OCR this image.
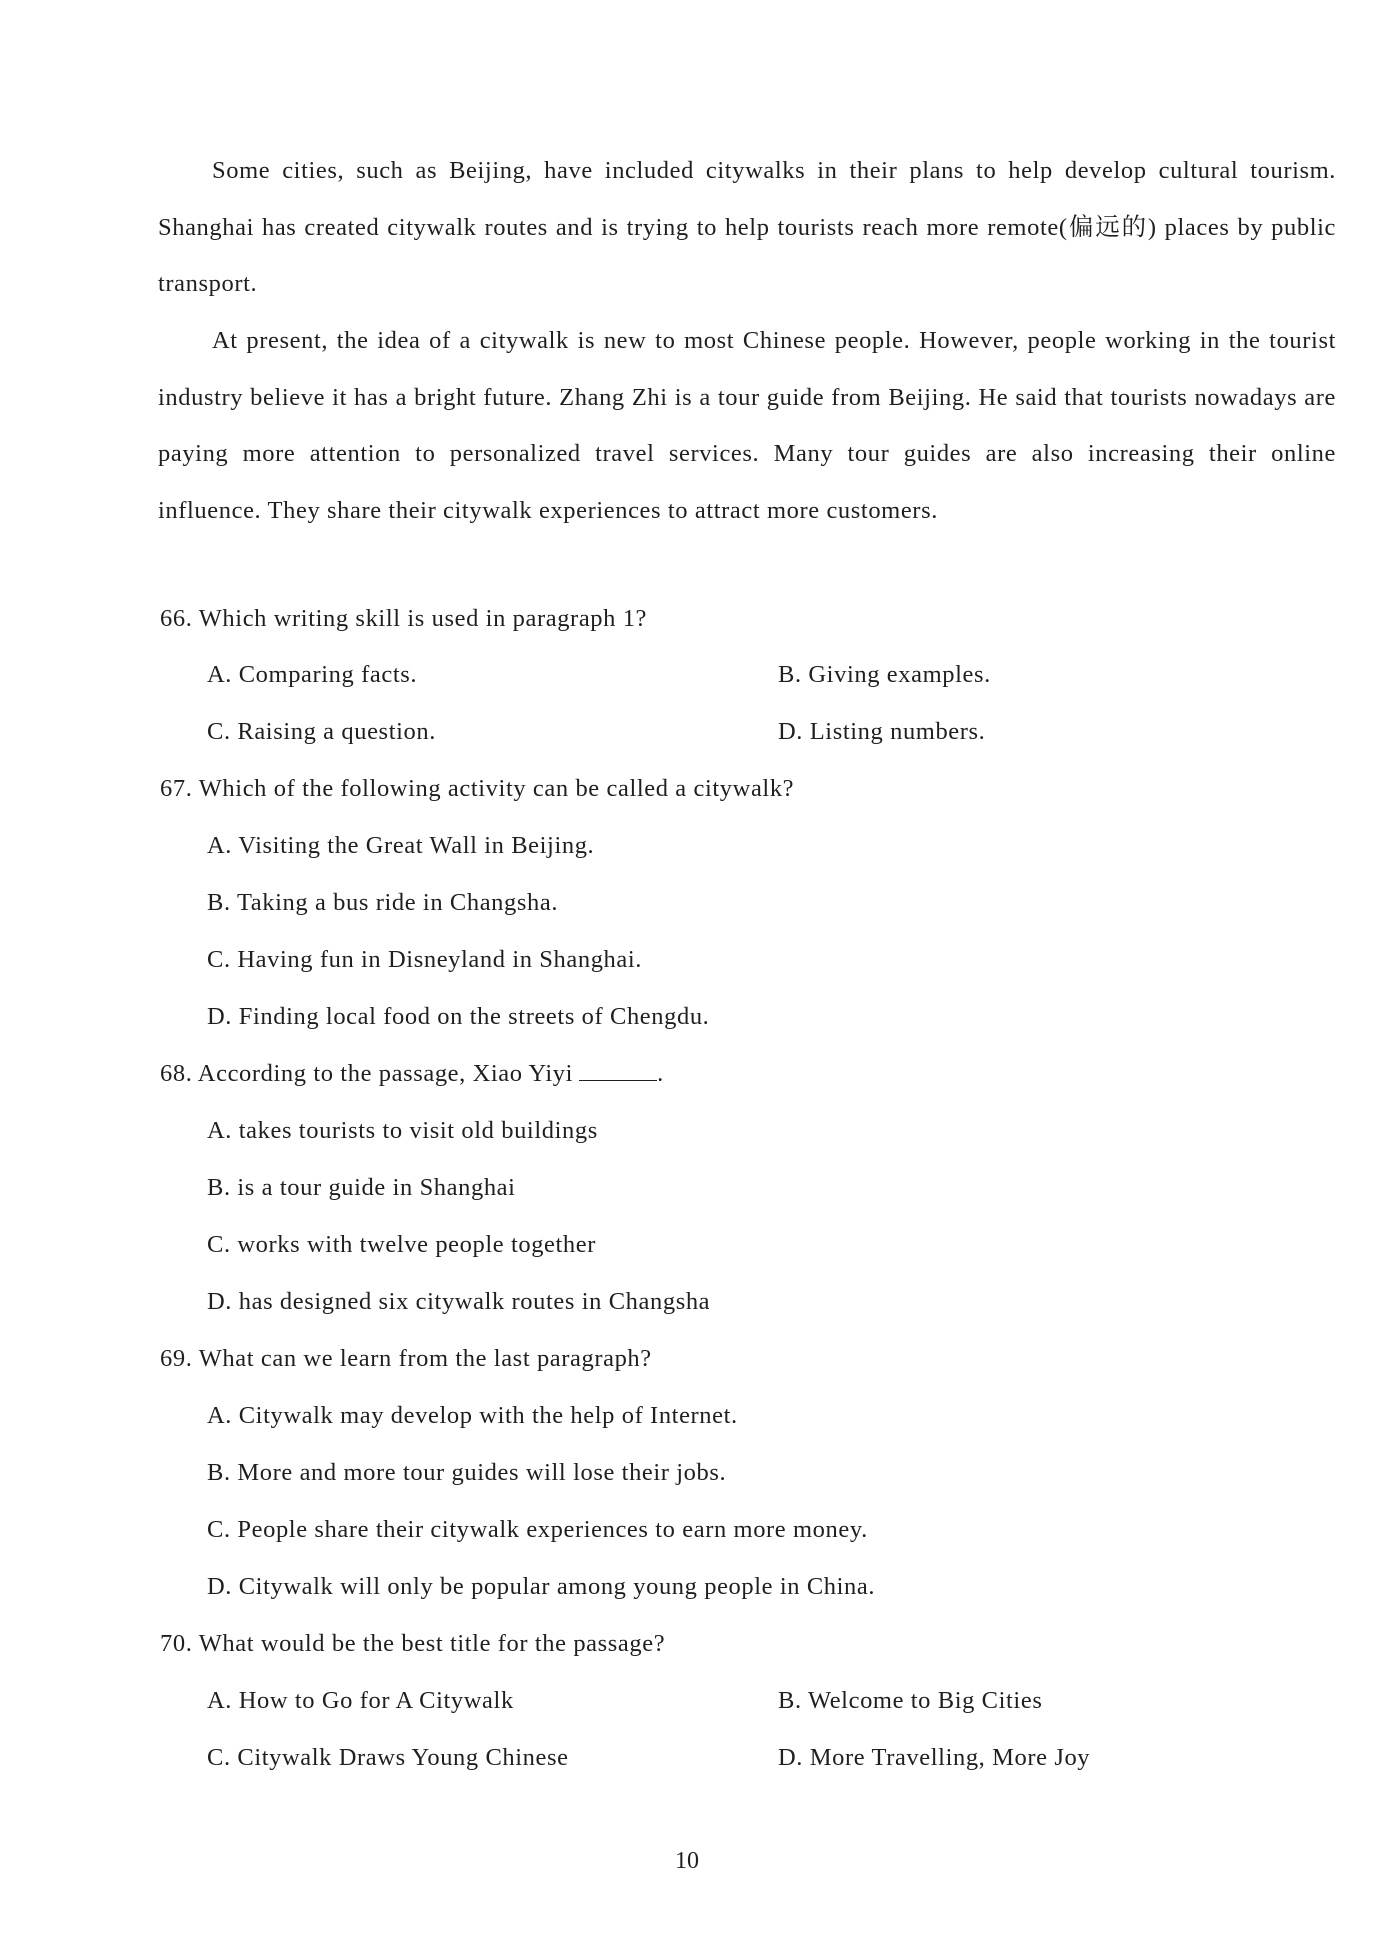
Some cities, such as Beijing, have included citywalks in their plans to help develop cultural tourism. Shanghai has created citywalk routes and is trying to help tourists reach more remote(偏远的) places by public transport.

At present, the idea of a citywalk is new to most Chinese people. However, people working in the tourist industry believe it has a bright future. Zhang Zhi is a tour guide from Beijing. He said that tourists nowadays are paying more attention to personalized travel services. Many tour guides are also increasing their online influence. They share their citywalk experiences to attract more customers.

66. Which writing skill is used in paragraph 1?
A. Comparing facts.	B. Giving examples.
C. Raising a question.	D. Listing numbers.
67. Which of the following activity can be called a citywalk?
A. Visiting the Great Wall in Beijing.
B. Taking a bus ride in Changsha.
C. Having fun in Disneyland in Shanghai.
D. Finding local food on the streets of Chengdu.
68. According to the passage, Xiao Yiyi	.
A. takes tourists to visit old buildings
B. is a tour guide in Shanghai
C. works with twelve people together
D. has designed six citywalk routes in Changsha
69. What can we learn from the last paragraph?
A. Citywalk may develop with the help of Internet.
B. More and more tour guides will lose their jobs.
C. People share their citywalk experiences to earn more money.
D. Citywalk will only be popular among young people in China.
70. What would be the best title for the passage?
A. How to Go for A Citywalk	B. Welcome to Big Cities
C. Citywalk Draws Young Chinese	D. More Travelling, More Joy
10
